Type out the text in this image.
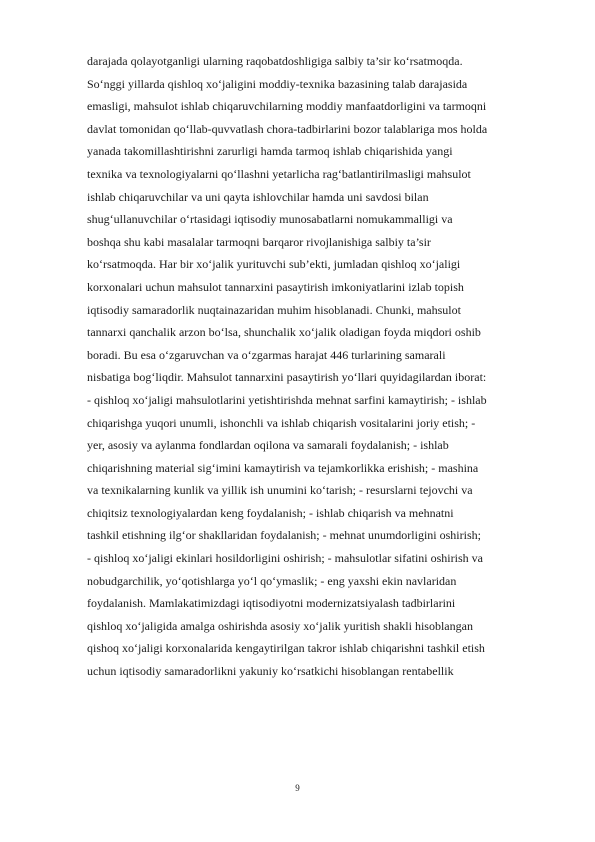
darajada qolayotganligi ularning raqobatdoshligiga salbiy ta’sir ko‘rsatmoqda.
So‘nggi yillarda qishloq xo‘jaligini moddiy-texnika bazasining talab darajasida
emasligi, mahsulot ishlab chiqaruvchilarning moddiy manfaatdorligini va tarmoqni
davlat tomonidan qo‘llab-quvvatlash chora-tadbirlarini bozor talablariga mos holda
yanada takomillashtirishni zarurligi hamda tarmoq ishlab chiqarishida yangi
texnika va texnologiyalarni qo‘llashni yetarlicha rag‘batlantirilmasligi mahsulot
ishlab chiqaruvchilar va uni qayta ishlovchilar hamda uni savdosi bilan
shug‘ullanuvchilar o‘rtasidagi iqtisodiy munosabatlarni nomukammalligi va
boshqa shu kabi masalalar tarmoqni barqaror rivojlanishiga salbiy ta’sir
ko‘rsatmoqda. Har bir xo‘jalik yurituvchi sub’ekti, jumladan qishloq xo‘jaligi
korxonalari uchun mahsulot tannarxini pasaytirish imkoniyatlarini izlab topish
iqtisodiy samaradorlik nuqtainazaridan muhim hisoblanadi. Chunki, mahsulot
tannarxi qanchalik arzon bo‘lsa, shunchalik xo‘jalik oladigan foyda miqdori oshib
boradi. Bu esa o‘zgaruvchan va o‘zgarmas harajat 446 turlarining samarali
nisbatiga bog‘liqdir. Mahsulot tannarxini pasaytirish yo‘llari quyidagilardan iborat:
- qishloq xo‘jaligi mahsulotlarini yetishtirishda mehnat sarfini kamaytirish; - ishlab
chiqarishga yuqori unumli, ishonchli va ishlab chiqarish vositalarini joriy etish; -
yer, asosiy va aylanma fondlardan oqilona va samarali foydalanish; - ishlab
chiqarishning material sig‘imini kamaytirish va tejamkorlikka erishish; - mashina
va texnikalarning kunlik va yillik ish unumini ko‘tarish; - resurslarni tejovchi va
chiqitsiz texnologiyalardan keng foydalanish; - ishlab chiqarish va mehnatni
tashkil etishning ilg‘or shakllaridan foydalanish; - mehnat unumdorligini oshirish;
- qishloq xo‘jaligi ekinlari hosildorligini oshirish; - mahsulotlar sifatini oshirish va
nobudgarchilik, yo‘qotishlarga yo‘l qo‘ymaslik; - eng yaxshi ekin navlaridan
foydalanish. Mamlakatimizdagi iqtisodiyotni modernizatsiyalash tadbirlarini
qishloq xo‘jaligida amalga oshirishda asosiy xo‘jalik yuritish shakli hisoblangan
qishoq xo‘jaligi korxonalarida kengaytirilgan takror ishlab chiqarishni tashkil etish
uchun iqtisodiy samaradorlikni yakuniy ko‘rsatkichi hisoblangan rentabellik
9
